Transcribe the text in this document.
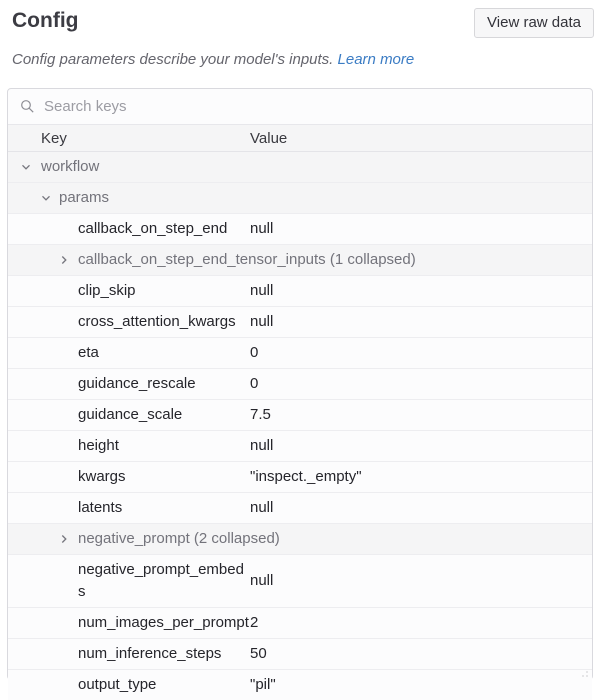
Config	View raw data
Config parameters describe your model's inputs. Learn more
Search keys
Key	Value
workflow
params
callback_on_step_end	null
callback_on_step_end_tensor_inputs (1 collapsed)
clip_skip	null
cross_attention_kwargs null
eta	0
guidance_rescale	0
guidance_scale	7.5
height	null
kwargs	"inspect._empty"
latents	null
negative_prompt (2 collapsed)
negative_prompt_embeds
null
num_images_per_prompt 2
num_inference_steps	50
output_type	"pil"
